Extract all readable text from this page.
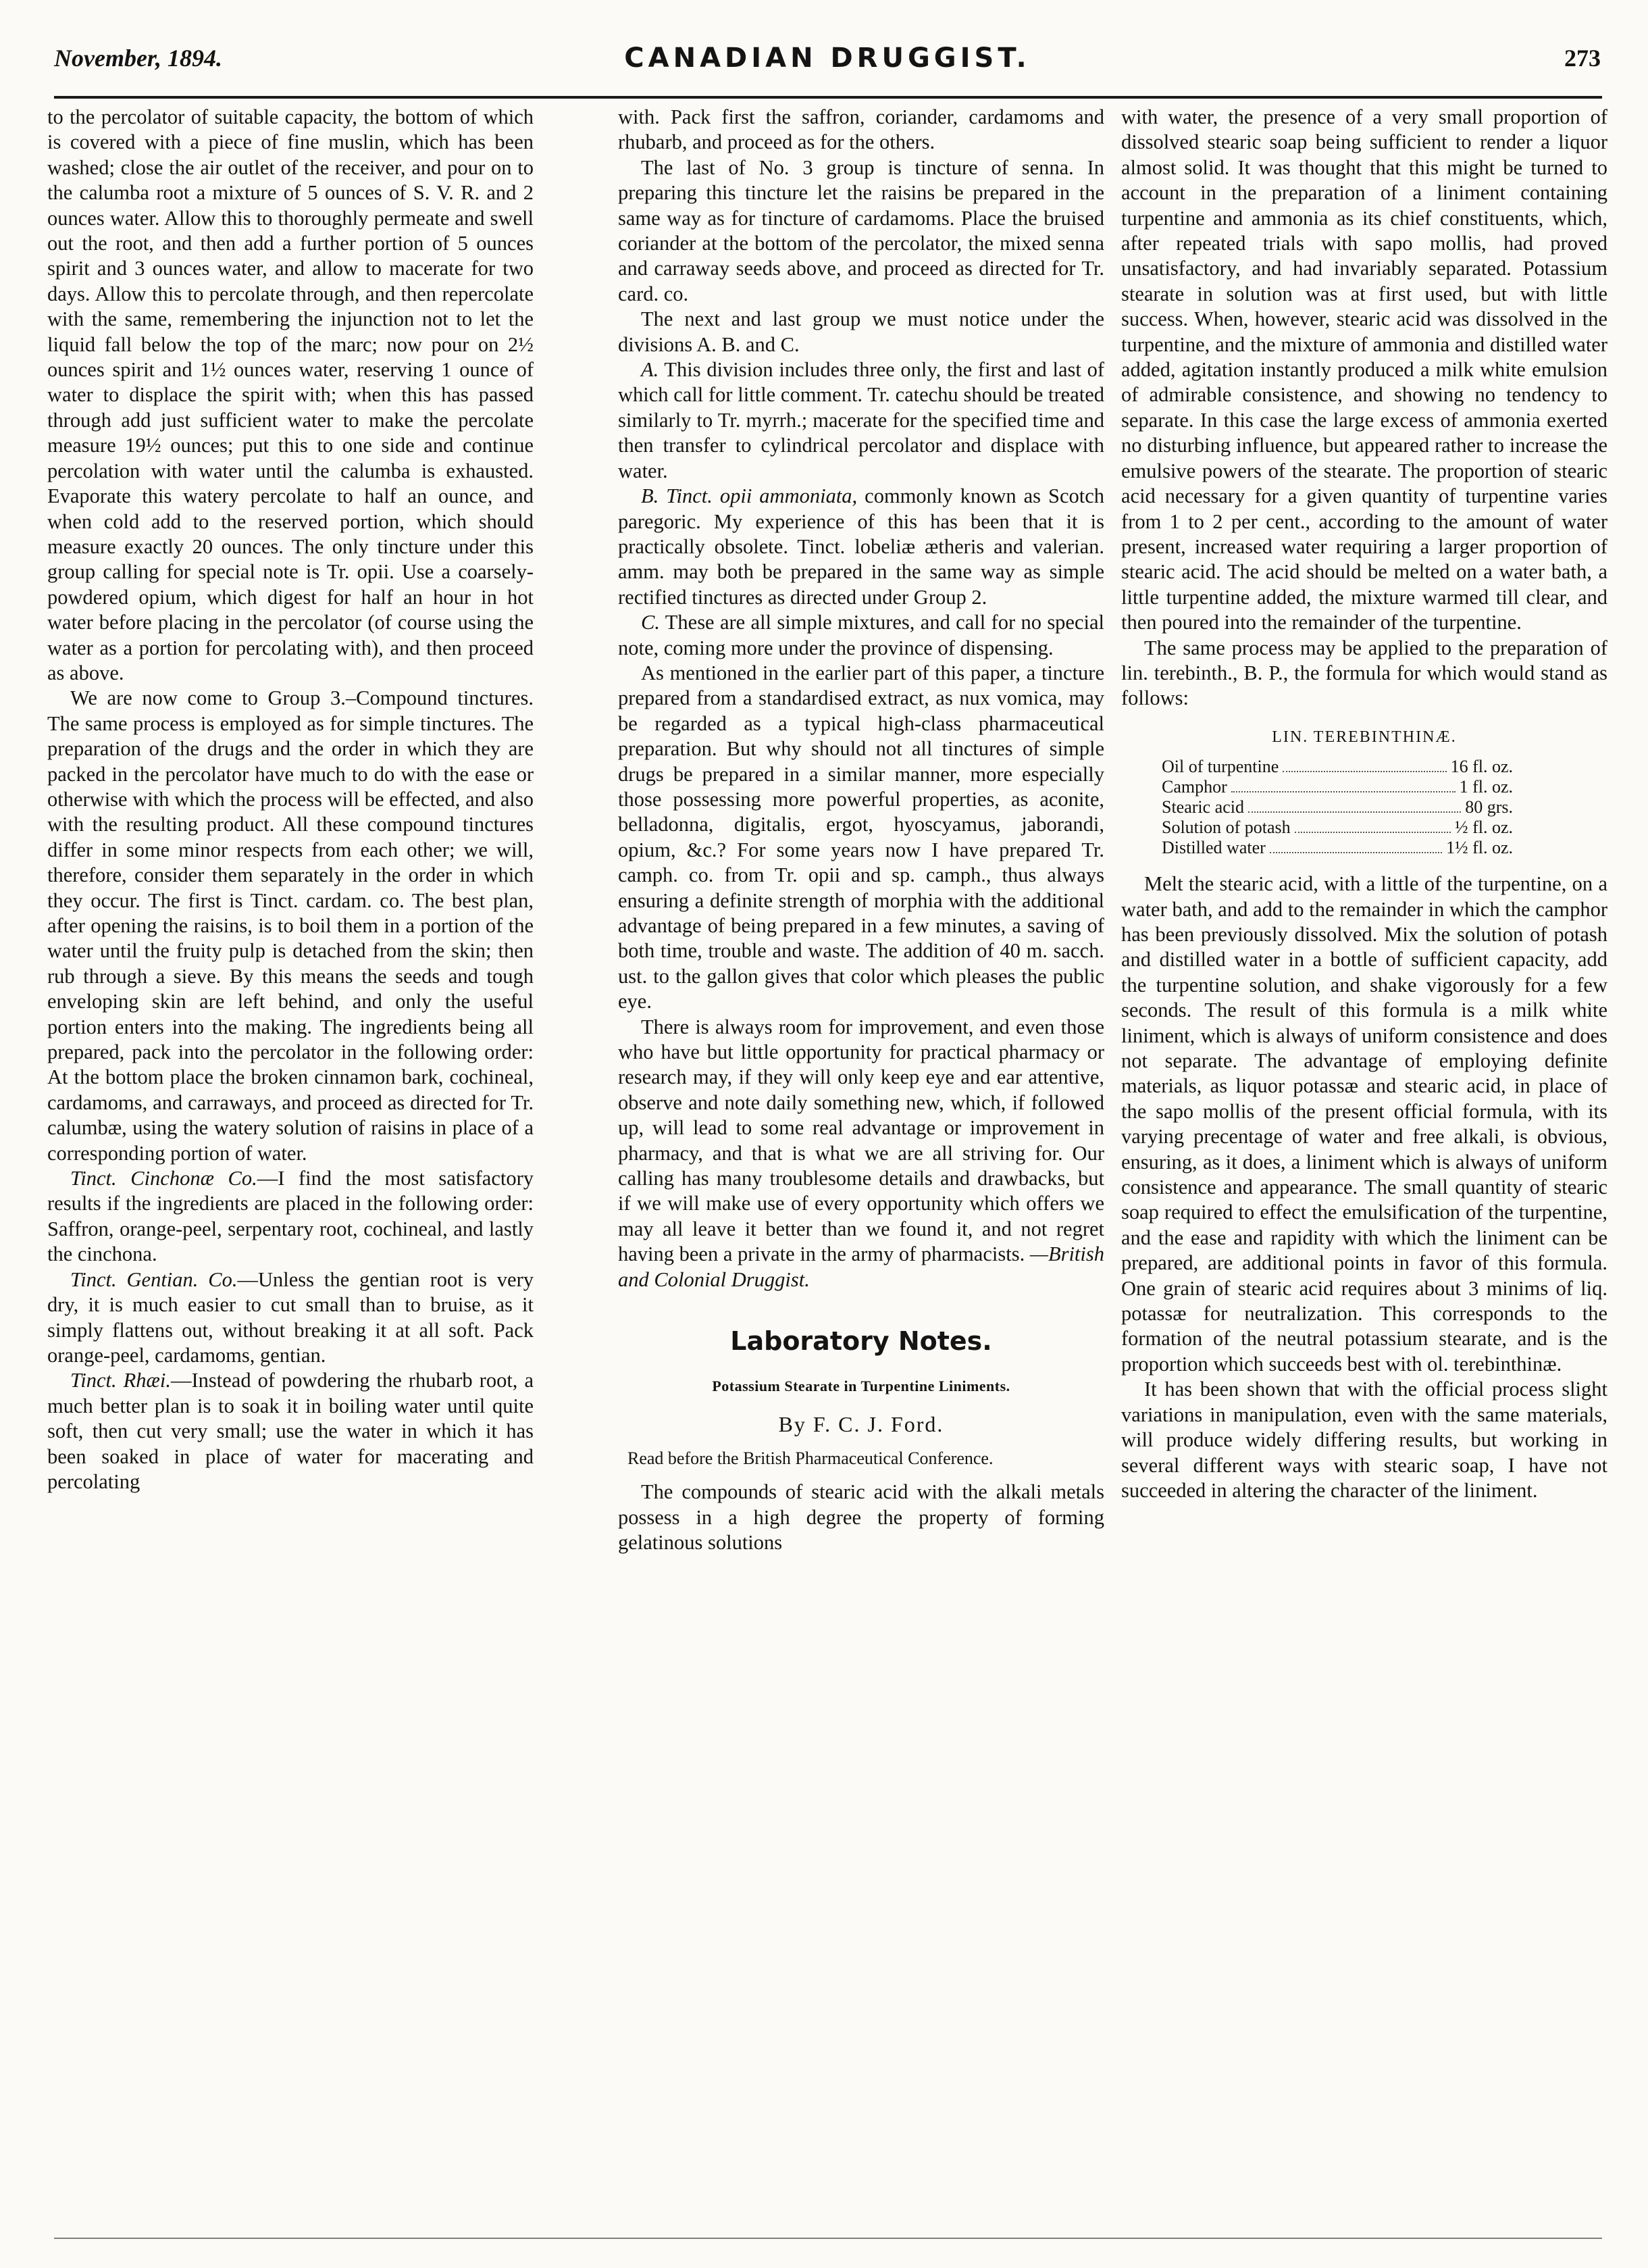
November, 1894.	CANADIAN DRUGGIST.	273

to the percolator of suitable capacity, the bottom of which is covered with a piece of fine muslin, which has been washed; close the air outlet of the receiver, and pour on to the calumba root a mixture of 5 ounces of S. V. R. and 2 ounces water. Allow this to thoroughly permeate and swell out the root, and then add a further portion of 5 ounces spirit and 3 ounces water, and allow to macerate for two days. Allow this to percolate through, and then repercolate with the same, remembering the injunction not to let the liquid fall below the top of the marc; now pour on 2½ ounces spirit and 1½ ounces water, reserving 1 ounce of water to displace the spirit with; when this has passed through add just sufficient water to make the percolate measure 19½ ounces; put this to one side and continue percolation with water until the calumba is exhausted. Evaporate this watery percolate to half an ounce, and when cold add to the reserved portion, which should measure exactly 20 ounces. The only tincture under this group calling for special note is Tr. opii. Use a coarsely-powdered opium, which digest for half an hour in hot water before placing in the percolator (of course using the water as a portion for percolating with), and then proceed as above.

We are now come to Group 3.–Compound tinctures. The same process is employed as for simple tinctures. The preparation of the drugs and the order in which they are packed in the percolator have much to do with the ease or otherwise with which the process will be effected, and also with the resulting product. All these compound tinctures differ in some minor respects from each other; we will, therefore, consider them separately in the order in which they occur. The first is Tinct. cardam. co. The best plan, after opening the raisins, is to boil them in a portion of the water until the fruity pulp is detached from the skin; then rub through a sieve. By this means the seeds and tough enveloping skin are left behind, and only the useful portion enters into the making. The ingredients being all prepared, pack into the percolator in the following order: At the bottom place the broken cinnamon bark, cochineal, cardamoms, and carraways, and proceed as directed for Tr. calumbæ, using the watery solution of raisins in place of a corresponding portion of water.

Tinct. Cinchonæ Co.—I find the most satisfactory results if the ingredients are placed in the following order: Saffron, orange-peel, serpentary root, cochineal, and lastly the cinchona.

Tinct. Gentian. Co.—Unless the gentian root is very dry, it is much easier to cut small than to bruise, as it simply flattens out, without breaking it at all soft. Pack orange-peel, cardamoms, gentian.

Tinct. Rhæi.—Instead of powdering the rhubarb root, a much better plan is to soak it in boiling water until quite soft, then cut very small; use the water in which it has been soaked in place of water for macerating and percolating

with. Pack first the saffron, coriander, cardamoms and rhubarb, and proceed as for the others.

The last of No. 3 group is tincture of senna. In preparing this tincture let the raisins be prepared in the same way as for tincture of cardamoms. Place the bruised coriander at the bottom of the percolator, the mixed senna and carraway seeds above, and proceed as directed for Tr. card. co.

The next and last group we must notice under the divisions A. B. and C.

A. This division includes three only, the first and last of which call for little comment. Tr. catechu should be treated similarly to Tr. myrrh.; macerate for the specified time and then transfer to cylindrical percolator and displace with water.

B. Tinct. opii ammoniata, commonly known as Scotch paregoric. My experience of this has been that it is practically obsolete. Tinct. lobeliæ ætheris and valerian. amm. may both be prepared in the same way as simple rectified tinctures as directed under Group 2.

C. These are all simple mixtures, and call for no special note, coming more under the province of dispensing.

As mentioned in the earlier part of this paper, a tincture prepared from a standardised extract, as nux vomica, may be regarded as a typical high-class pharmaceutical preparation. But why should not all tinctures of simple drugs be prepared in a similar manner, more especially those possessing more powerful properties, as aconite, belladonna, digitalis, ergot, hyoscyamus, jaborandi, opium, &c.? For some years now I have prepared Tr. camph. co. from Tr. opii and sp. camph., thus always ensuring a definite strength of morphia with the additional advantage of being prepared in a few minutes, a saving of both time, trouble and waste. The addition of 40 m. sacch. ust. to the gallon gives that color which pleases the public eye.

There is always room for improvement, and even those who have but little opportunity for practical pharmacy or research may, if they will only keep eye and ear attentive, observe and note daily something new, which, if followed up, will lead to some real advantage or improvement in pharmacy, and that is what we are all striving for. Our calling has many troublesome details and drawbacks, but if we will make use of every opportunity which offers we may all leave it better than we found it, and not regret having been a private in the army of pharmacists. —British and Colonial Druggist.

Laboratory Notes.
Potassium Stearate in Turpentine Liniments.
By F. C. J. Ford.
Read before the British Pharmaceutical Conference.

The compounds of stearic acid with the alkali metals possess in a high degree the property of forming gelatinous solutions

with water, the presence of a very small proportion of dissolved stearic soap being sufficient to render a liquor almost solid. It was thought that this might be turned to account in the preparation of a liniment containing turpentine and ammonia as its chief constituents, which, after repeated trials with sapo mollis, had proved unsatisfactory, and had invariably separated. Potassium stearate in solution was at first used, but with little success. When, however, stearic acid was dissolved in the turpentine, and the mixture of ammonia and distilled water added, agitation instantly produced a milk white emulsion of admirable consistence, and showing no tendency to separate. In this case the large excess of ammonia exerted no disturbing influence, but appeared rather to increase the emulsive powers of the stearate. The proportion of stearic acid necessary for a given quantity of turpentine varies from 1 to 2 per cent., according to the amount of water present, increased water requiring a larger proportion of stearic acid. The acid should be melted on a water bath, a little turpentine added, the mixture warmed till clear, and then poured into the remainder of the turpentine.

The same process may be applied to the preparation of lin. terebinth., B. P., the formula for which would stand as follows:

LIN. TEREBINTHINÆ.
Oil of turpentine	16 fl. oz.
Camphor	1 fl. oz.
Stearic acid	80 grs.
Solution of potash	½ fl. oz.
Distilled water	1½ fl. oz.

Melt the stearic acid, with a little of the turpentine, on a water bath, and add to the remainder in which the camphor has been previously dissolved. Mix the solution of potash and distilled water in a bottle of sufficient capacity, add the turpentine solution, and shake vigorously for a few seconds. The result of this formula is a milk white liniment, which is always of uniform consistence and does not separate. The advantage of employing definite materials, as liquor potassæ and stearic acid, in place of the sapo mollis of the present official formula, with its varying precentage of water and free alkali, is obvious, ensuring, as it does, a liniment which is always of uniform consistence and appearance. The small quantity of stearic soap required to effect the emulsification of the turpentine, and the ease and rapidity with which the liniment can be prepared, are additional points in favor of this formula. One grain of stearic acid requires about 3 minims of liq. potassæ for neutralization. This corresponds to the formation of the neutral potassium stearate, and is the proportion which succeeds best with ol. terebinthinæ.

It has been shown that with the official process slight variations in manipulation, even with the same materials, will produce widely differing results, but working in several different ways with stearic soap, I have not succeeded in altering the character of the liniment.
